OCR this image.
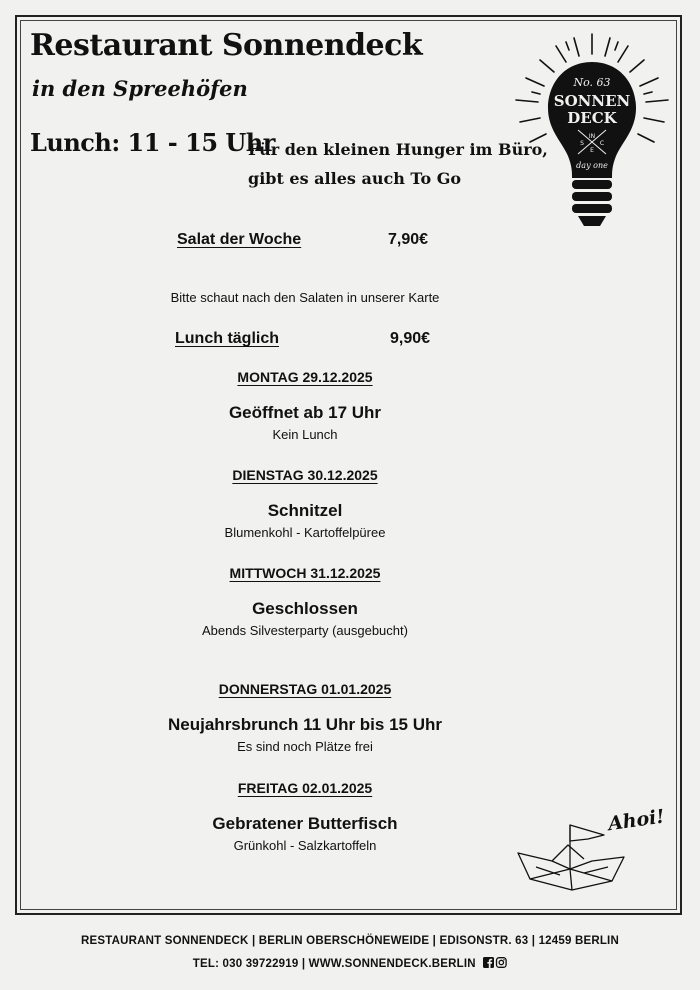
Restaurant Sonnendeck
in den Spreehöfen
Lunch: 11 - 15 Uhr
Für den kleinen Hunger im Büro,
gibt es alles auch To Go
No. 63
SONNEN
DECK
IN
S	C
E
day one
Salat der Woche	7,90€
Bitte schaut nach den Salaten in unserer Karte
Lunch täglich	9,90€
MONTAG 29.12.2025
Geöffnet ab 17 Uhr
Kein Lunch
DIENSTAG 30.12.2025
Schnitzel
Blumenkohl - Kartoffelpüree
MITTWOCH 31.12.2025
Geschlossen
Abends Silvesterparty (ausgebucht)
DONNERSTAG 01.01.2025
Neujahrsbrunch 11 Uhr bis 15 Uhr
Es sind noch Plätze frei
FREITAG 02.01.2025
Gebratener Butterfisch
Grünkohl - Salzkartoffeln
Ahoi!
RESTAURANT SONNENDECK | BERLIN OBERSCHÖNEWEIDE | EDISONSTR. 63 | 12459 BERLIN
TEL: 030 39722919 | WWW.SONNENDECK.BERLIN
